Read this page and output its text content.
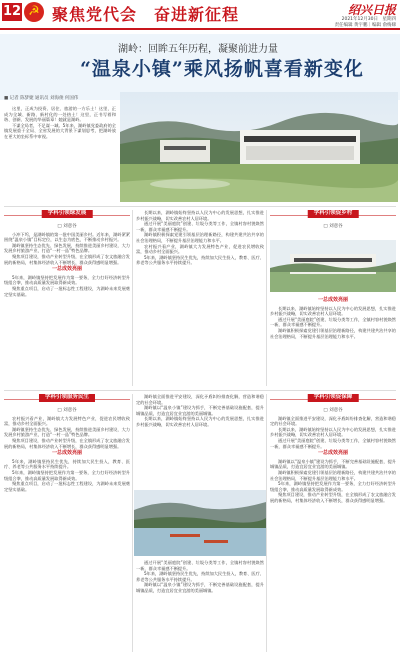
12
☭ 聚焦党代会　奋进新征程	绍兴日报
2021年12月30日　星期四
责任编辑 黄宇鹏｜编辑 俞梅娣
湖岭：回眸五年历程，凝聚前进力量
“温泉小镇”乘风扬帆喜看新变化
■ 记者 陈梦婕 通讯员 刘海俊 何国伟

这里，正成为投资、居住、旅游的一方乐土！这里，正成为全域、新路、新村化的一处热土！这里，正书写着和谐、创新、发展的华丽篇章！她就是湖岭。

不谋全局者，不足谋一域。5年来，湖岭镇党委政府的全镇发展重于全局、全省发展的大背景下谋划思考，把湖岭放在更大的坐标系中审视。

学科引领绿发展
□ 刘意谷

小冲下坞，是湖岭镇的第一批中国美丽乡村。近年来，湖岭紧紧围绕“温泉小镇”目标定位，以生态为底色，不断推动乡村振兴。

湖岭镇坚持生态优先、绿色发展，持续推进美丽乡村建设，大力发展乡村旅游产业，打造“一村一品”特色品牌。

聚焦项目建设，推动产业转型升级，在全镇形成了农文旅融合发展的新格局，村集体经济收入不断增长，群众获得感明显增强。

一总成效亮丽

5年来，湖岭镇坚持把发展作为第一要务，全力打好经济转型升级组合拳，推动高质量发展取得新成效。

聚焦重点项目，启动了一批标志性工程建设，为湖岭未来发展奠定坚实基础。

长期以来，湖岭镇始终坚持以人民为中心的发展思想，扎实推进乡村振兴战略，切实改善农村人居环境。

通过开展“美丽庭院”创建、垃圾分类等工作，全镇村容村貌焕然一新，群众幸福感不断提升。

湖岭镇积极探索党建引领基层治理新路径，构建共建共治共享的社会治理格局，不断提升基层治理能力和水平。

农村振兴看产业，湖岭镇大力发展特色产业，促进农民增收致富，推动乡村全面振兴。

5年来，湖岭镇坚持民生优先，持续加大民生投入，教育、医疗、养老等公共服务水平持续提升。

学科引领促乡村
□ 刘意谷
一总成效亮丽

长期以来，湖岭镇始终坚持以人民为中心的发展思想，扎实推进乡村振兴战略，切实改善农村人居环境。

通过开展“美丽庭院”创建、垃圾分类等工作，全镇村容村貌焕然一新，群众幸福感不断提升。

湖岭镇积极探索党建引领基层治理新路径，构建共建共治共享的社会治理格局，不断提升基层治理能力和水平。

学科引领服务民生
□ 刘意谷

农村振兴看产业，湖岭镇大力发展特色产业，促进农民增收致富，推动乡村全面振兴。

湖岭镇坚持生态优先、绿色发展，持续推进美丽乡村建设，大力发展乡村旅游产业，打造“一村一品”特色品牌。

聚焦项目建设，推动产业转型升级，在全镇形成了农文旅融合发展的新格局，村集体经济收入不断增长，群众获得感明显增强。

一总成效亮丽

5年来，湖岭镇坚持民生优先，持续加大民生投入，教育、医疗、养老等公共服务水平持续提升。

5年来，湖岭镇坚持把发展作为第一要务，全力打好经济转型升级组合拳，推动高质量发展取得新成效。

聚焦重点项目，启动了一批标志性工程建设，为湖岭未来发展奠定坚实基础。

湖岭镇全面推进平安建设，深化矛盾纠纷排查化解，营造和谐稳定的社会环境。

湖岭镇以“温泉小镇”建设为抓手，不断完善基础设施配套，提升城镇品质，打造宜居宜业宜游的美丽城镇。

长期以来，湖岭镇始终坚持以人民为中心的发展思想，扎实推进乡村振兴战略，切实改善农村人居环境。

通过开展“美丽庭院”创建、垃圾分类等工作，全镇村容村貌焕然一新，群众幸福感不断提升。

5年来，湖岭镇坚持民生优先，持续加大民生投入，教育、医疗、养老等公共服务水平持续提升。

湖岭镇以“温泉小镇”建设为抓手，不断完善基础设施配套，提升城镇品质，打造宜居宜业宜游的美丽城镇。

学科引领促保障
□ 刘意谷

湖岭镇全面推进平安建设，深化矛盾纠纷排查化解，营造和谐稳定的社会环境。

长期以来，湖岭镇始终坚持以人民为中心的发展思想，扎实推进乡村振兴战略，切实改善农村人居环境。

通过开展“美丽庭院”创建、垃圾分类等工作，全镇村容村貌焕然一新，群众幸福感不断提升。

一总成效亮丽

湖岭镇以“温泉小镇”建设为抓手，不断完善基础设施配套，提升城镇品质，打造宜居宜业宜游的美丽城镇。

湖岭镇积极探索党建引领基层治理新路径，构建共建共治共享的社会治理格局，不断提升基层治理能力和水平。

5年来，湖岭镇坚持把发展作为第一要务，全力打好经济转型升级组合拳，推动高质量发展取得新成效。

聚焦项目建设，推动产业转型升级，在全镇形成了农文旅融合发展的新格局，村集体经济收入不断增长，群众获得感明显增强。
